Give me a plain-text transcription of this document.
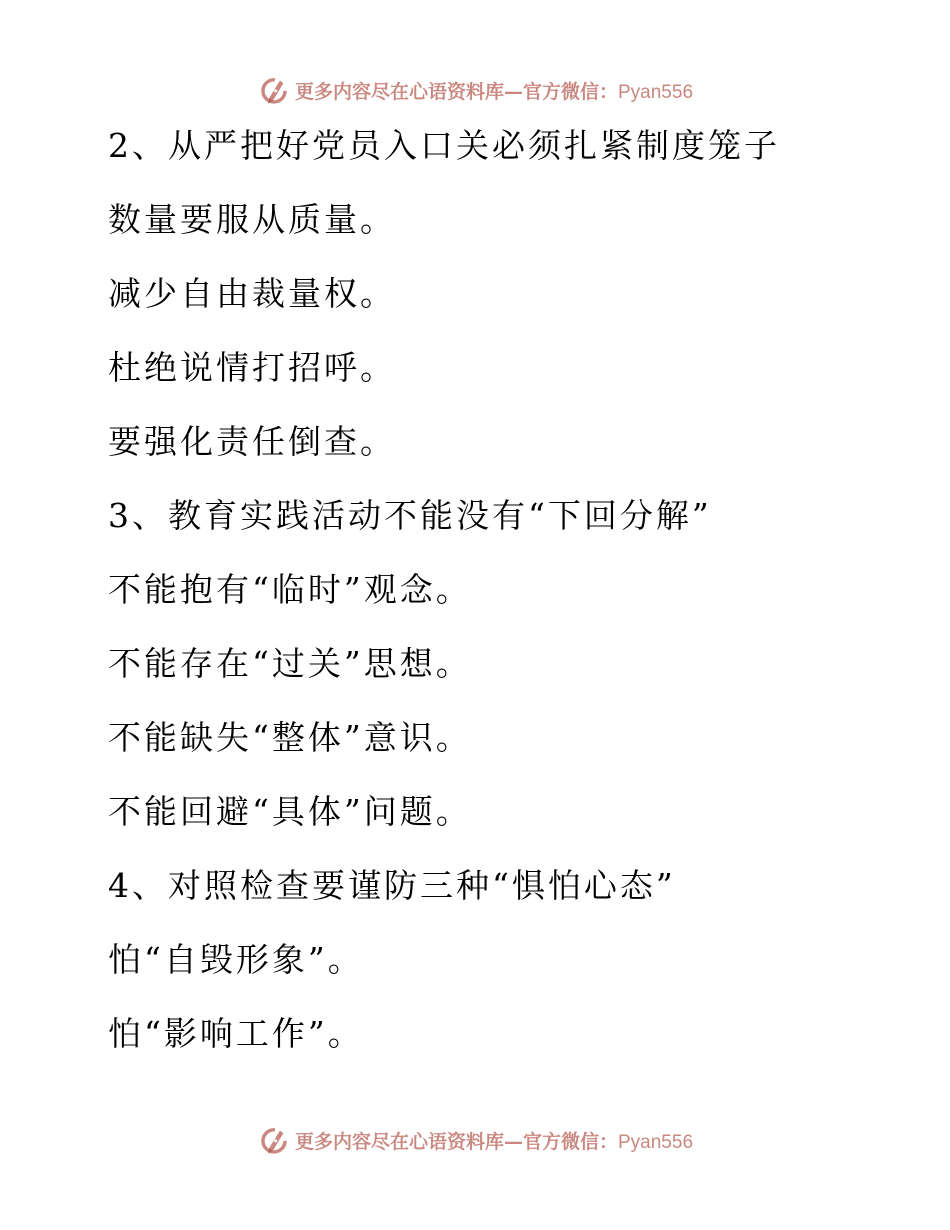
更多内容尽在心语资料库—官方微信：Pyan556
2、从严把好党员入口关必须扎紧制度笼子
数量要服从质量。
减少自由裁量权。
杜绝说情打招呼。
要强化责任倒查。
3、教育实践活动不能没有“下回分解”
不能抱有“临时”观念。
不能存在“过关”思想。
不能缺失“整体”意识。
不能回避“具体”问题。
4、对照检查要谨防三种“惧怕心态”
怕“自毁形象”。
怕“影响工作”。
更多内容尽在心语资料库—官方微信：Pyan556
